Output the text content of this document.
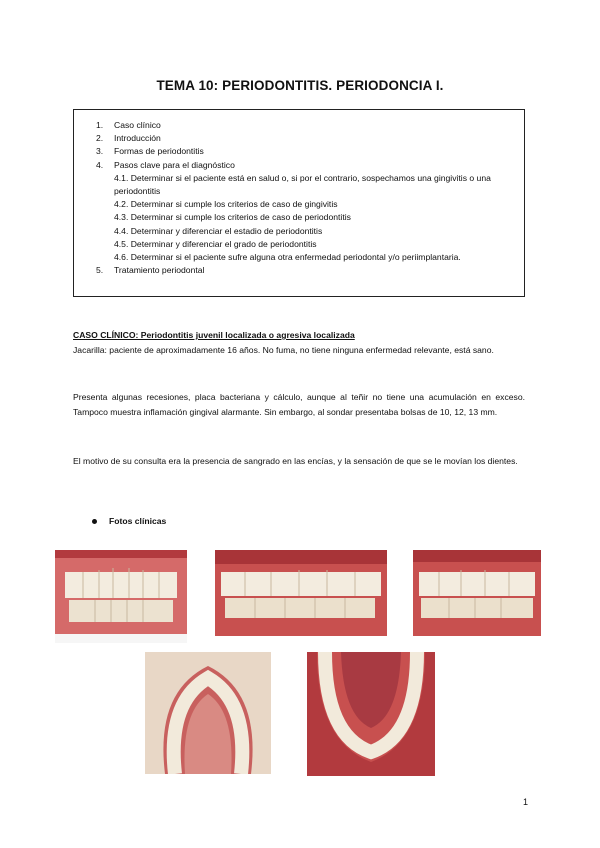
TEMA 10: PERIODONTITIS. PERIODONCIA I.
1. Caso clínico
2. Introducción
3. Formas de periodontitis
4. Pasos clave para el diagnóstico
4.1. Determinar si el paciente está en salud o, si por el contrario, sospechamos una gingivitis o una periodontitis
4.2. Determinar si cumple los criterios de caso de gingivitis
4.3. Determinar si cumple los criterios de caso de periodontitis
4.4. Determinar y diferenciar el estadio de periodontitis
4.5. Determinar y diferenciar el grado de periodontitis
4.6. Determinar si el paciente sufre alguna otra enfermedad periodontal y/o periimplantaria.
5. Tratamiento periodontal
CASO CLÍNICO: Periodontitis juvenil localizada o agresiva localizada
Jacarilla: paciente de aproximadamente 16 años. No fuma, no tiene ninguna enfermedad relevante, está sano.
Presenta algunas recesiones, placa bacteriana y cálculo, aunque al teñir no tiene una acumulación en exceso. Tampoco muestra inflamación gingival alarmante. Sin embargo, al sondar presentaba bolsas de 10, 12, 13 mm.
El motivo de su consulta era la presencia de sangrado en las encías, y la sensación de que se le movían los dientes.
Fotos clínicas
1
